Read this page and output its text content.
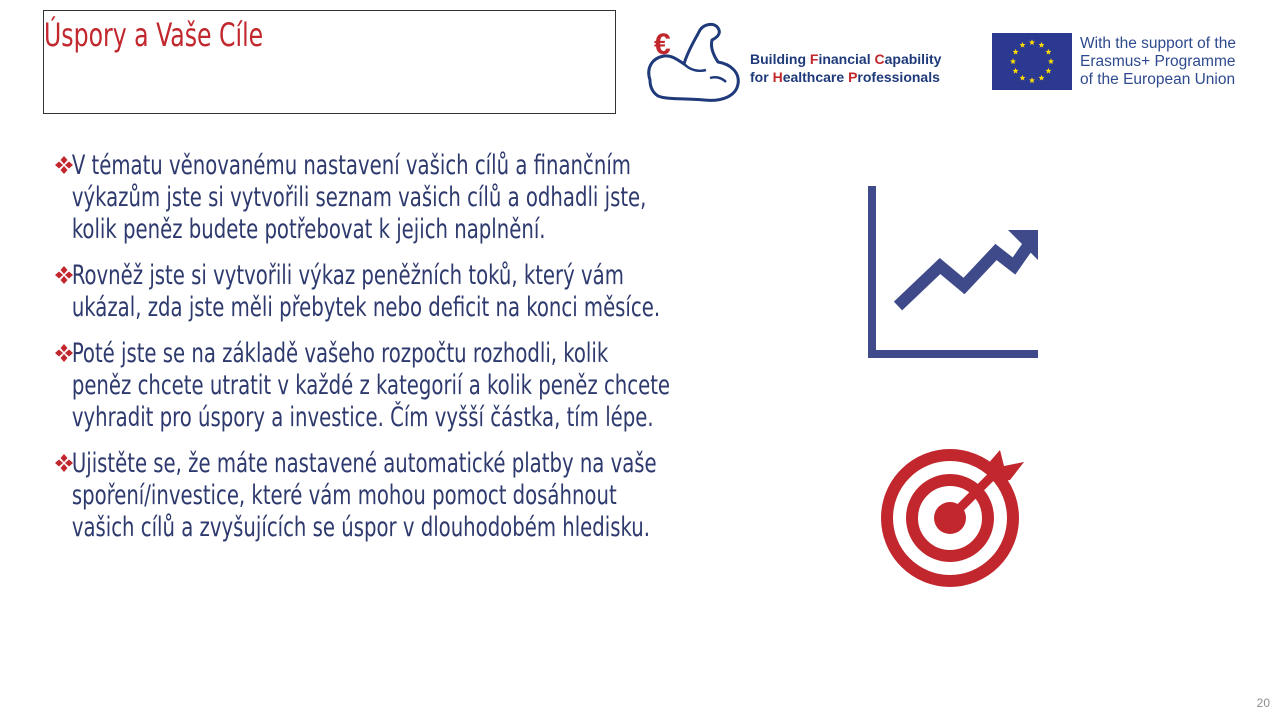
Úspory a Vaše Cíle	€	Building Financial Capability
for Healthcare Professionals
With the support of the
Erasmus+ Programme
of the European Union
V tématu věnovanému nastavení vašich cílů a finančním výkazům jste si vytvořili seznam vašich cílů a odhadli jste, kolik peněz budete potřebovat k jejich naplnění.
Rovněž jste si vytvořili výkaz peněžních toků, který vám ukázal, zda jste měli přebytek nebo deficit na konci měsíce.
Poté jste se na základě vašeho rozpočtu rozhodli, kolik peněz chcete utratit v každé z kategorií a kolik peněz chcete vyhradit pro úspory a investice. Čím vyšší částka, tím lépe.
Ujistěte se, že máte nastavené automatické platby na vaše spoření/investice, které vám mohou pomoct dosáhnout vašich cílů a zvyšujících se úspor v dlouhodobém hledisku.
20
